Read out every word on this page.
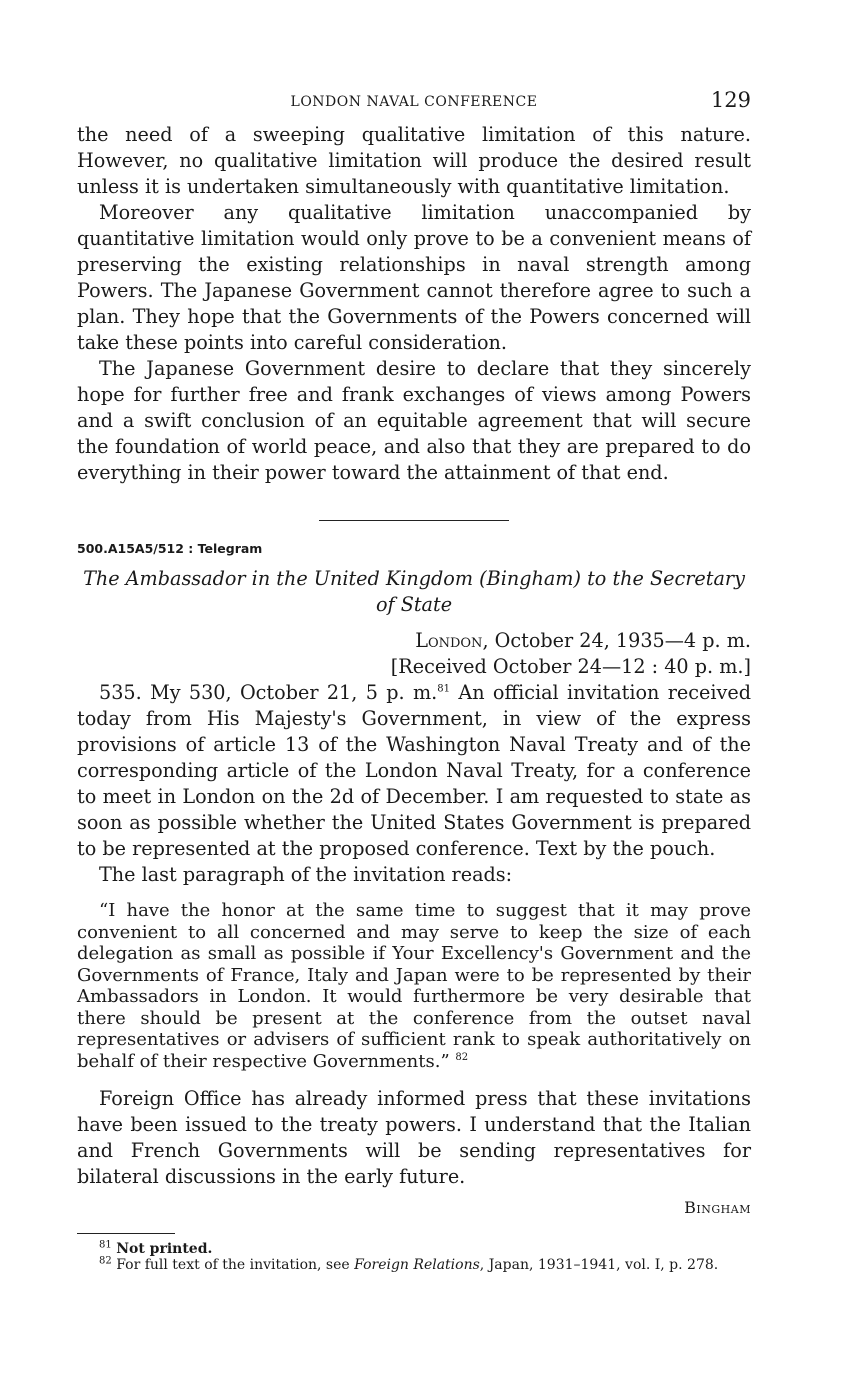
LONDON NAVAL CONFERENCE	129

the need of a sweeping qualitative limitation of this nature. However, no qualitative limitation will produce the desired result unless it is undertaken simultaneously with quantitative limitation.

Moreover any qualitative limitation unaccompanied by quantitative limitation would only prove to be a convenient means of preserving the existing relationships in naval strength among Powers. The Japanese Government cannot therefore agree to such a plan. They hope that the Governments of the Powers concerned will take these points into careful consideration.

The Japanese Government desire to declare that they sincerely hope for further free and frank exchanges of views among Powers and a swift conclusion of an equitable agreement that will secure the foundation of world peace, and also that they are prepared to do everything in their power toward the attainment of that end.

500.A15A5/512 : Telegram
The Ambassador in the United Kingdom (Bingham) to the Secretary of State
London, October 24, 1935—4 p. m.
[Received October 24—12 : 40 p. m.]

535. My 530, October 21, 5 p. m.$^{81}$ An official invitation received today from His Majesty's Government, in view of the express provisions of article 13 of the Washington Naval Treaty and of the corresponding article of the London Naval Treaty, for a conference to meet in London on the 2d of December. I am requested to state as soon as possible whether the United States Government is prepared to be represented at the proposed conference. Text by the pouch.

The last paragraph of the invitation reads:

“I have the honor at the same time to suggest that it may prove convenient to all concerned and may serve to keep the size of each delegation as small as possible if Your Excellency's Government and the Governments of France, Italy and Japan were to be represented by their Ambassadors in London. It would furthermore be very desirable that there should be present at the conference from the outset naval representatives or advisers of sufficient rank to speak authoritatively on behalf of their respective Governments.” $^{82}$

Foreign Office has already informed press that these invitations have been issued to the treaty powers. I understand that the Italian and French Governments will be sending representatives for bilateral discussions in the early future.

Bingham
$^{81}$ Not printed.
$^{82}$ For full text of the invitation, see Foreign Relations, Japan, 1931–1941, vol. I, p. 278.
